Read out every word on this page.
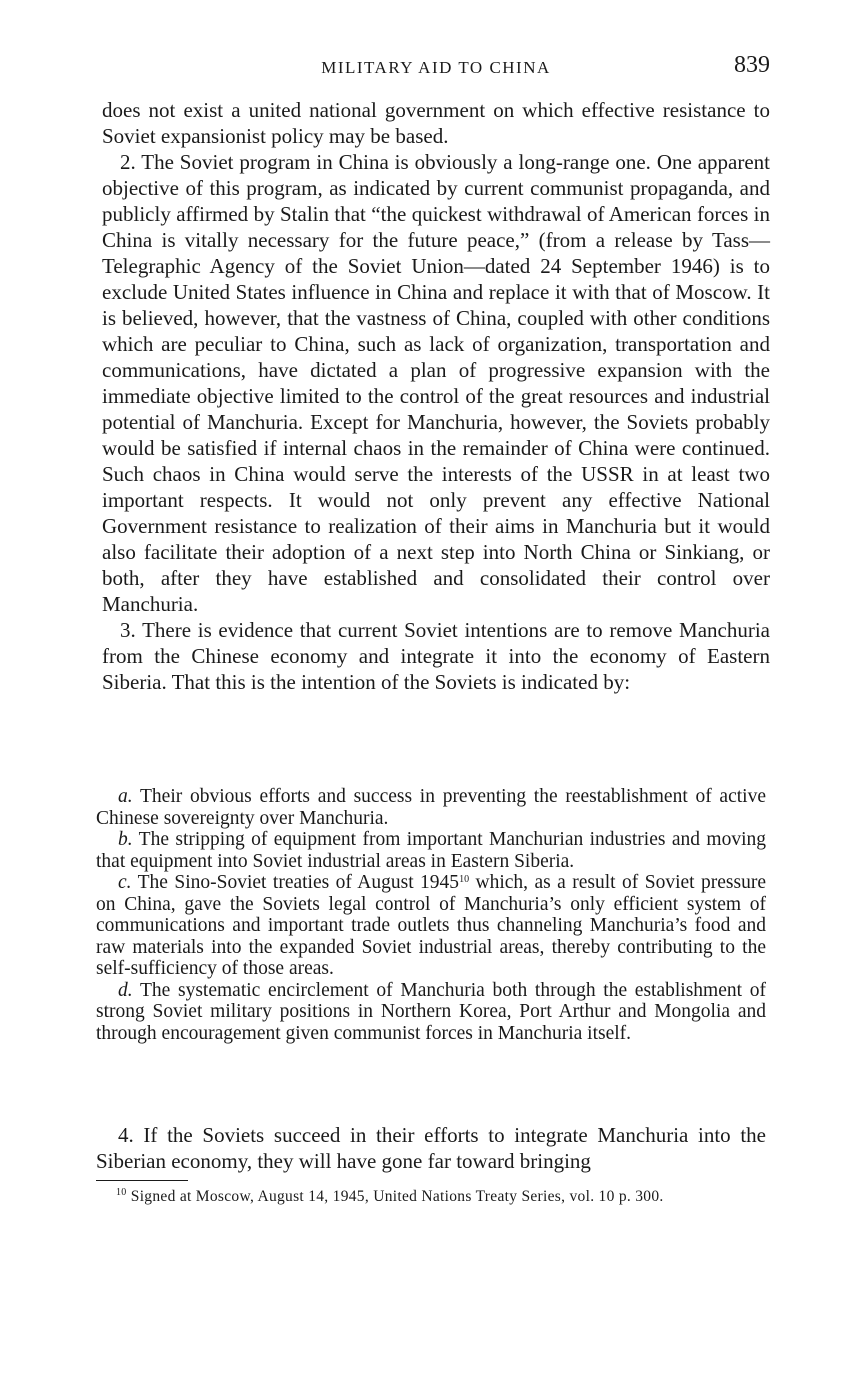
MILITARY AID TO CHINA	839

does not exist a united national government on which effective resistance to Soviet expansionist policy may be based.

2. The Soviet program in China is obviously a long-range one. One apparent objective of this program, as indicated by current communist propaganda, and publicly affirmed by Stalin that “the quickest withdrawal of American forces in China is vitally necessary for the future peace,” (from a release by Tass—Telegraphic Agency of the Soviet Union—dated 24 September 1946) is to exclude United States influence in China and replace it with that of Moscow. It is believed, however, that the vastness of China, coupled with other conditions which are peculiar to China, such as lack of organization, transportation and communications, have dictated a plan of progressive expansion with the immediate objective limited to the control of the great resources and industrial potential of Manchuria. Except for Manchuria, however, the Soviets probably would be satisfied if internal chaos in the remainder of China were continued. Such chaos in China would serve the interests of the USSR in at least two important respects. It would not only prevent any effective National Government resistance to realization of their aims in Manchuria but it would also facilitate their adoption of a next step into North China or Sinkiang, or both, after they have established and consolidated their control over Manchuria.

3. There is evidence that current Soviet intentions are to remove Manchuria from the Chinese economy and integrate it into the economy of Eastern Siberia. That this is the intention of the Soviets is indicated by:

a. Their obvious efforts and success in preventing the reestablishment of active Chinese sovereignty over Manchuria.

b. The stripping of equipment from important Manchurian industries and moving that equipment into Soviet industrial areas in Eastern Siberia.

c. The Sino-Soviet treaties of August 1945$^{10}$ which, as a result of Soviet pressure on China, gave the Soviets legal control of Manchuria’s only efficient system of communications and important trade outlets thus channeling Manchuria’s food and raw materials into the expanded Soviet industrial areas, thereby contributing to the self-sufficiency of those areas.

d. The systematic encirclement of Manchuria both through the establishment of strong Soviet military positions in Northern Korea, Port Arthur and Mongolia and through encouragement given communist forces in Manchuria itself.

4. If the Soviets succeed in their efforts to integrate Manchuria into the Siberian economy, they will have gone far toward bringing

$^{10}$ Signed at Moscow, August 14, 1945, United Nations Treaty Series, vol. 10 p. 300.
